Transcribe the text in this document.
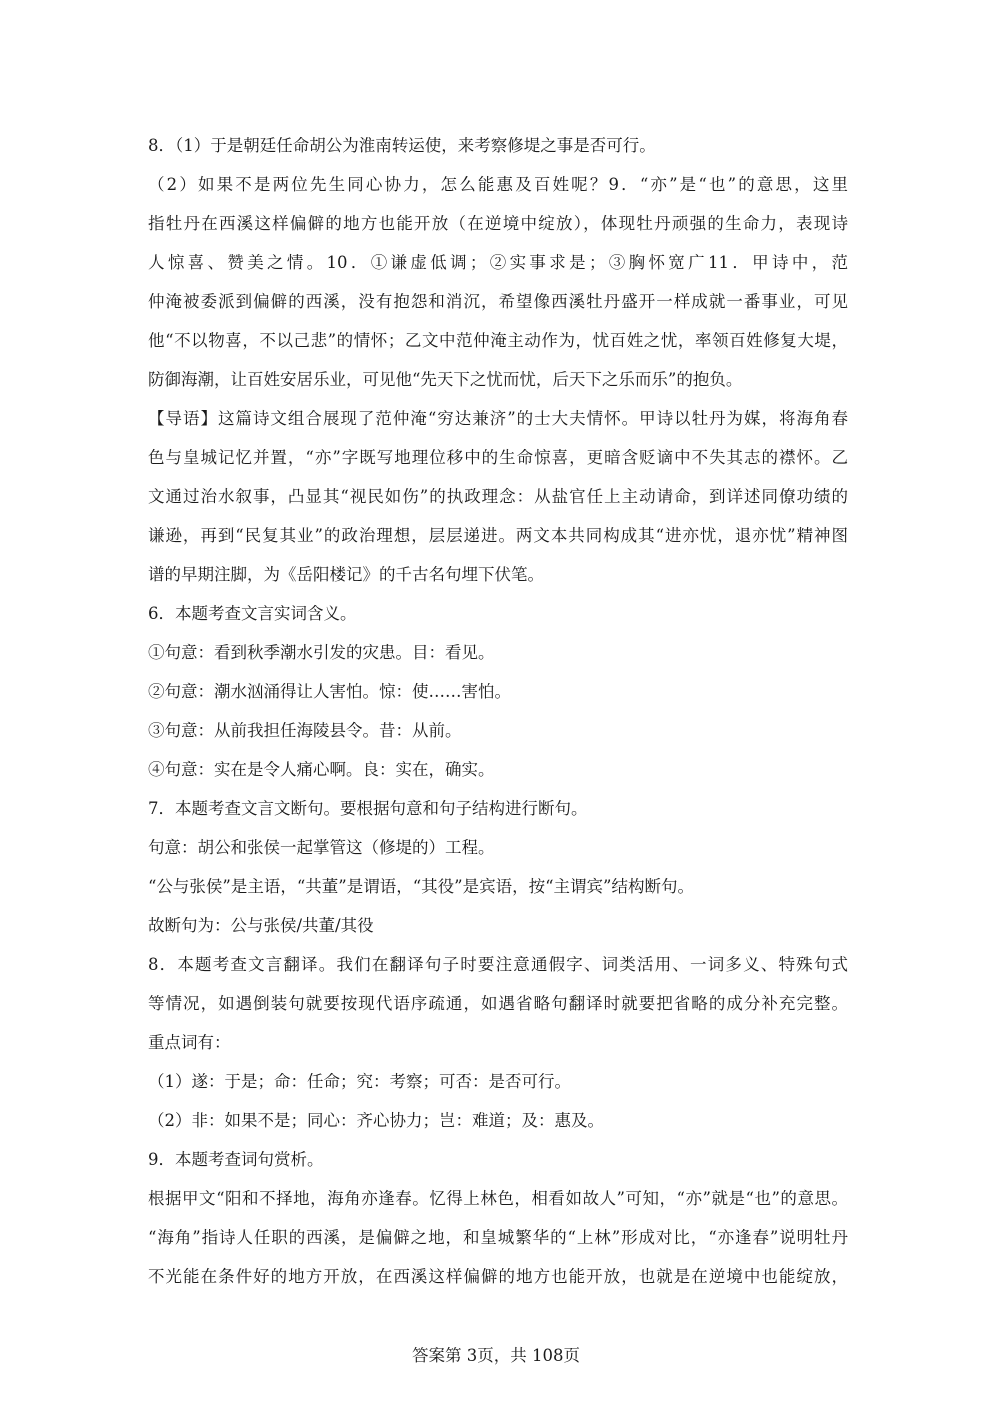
8．（1）于是朝廷任命胡公为淮南转运使，来考察修堤之事是否可行。
（2）如果不是两位先生同心协力，怎么能惠及百姓呢？9．“亦”是“也”的意思，这里
指牡丹在西溪这样偏僻的地方也能开放（在逆境中绽放），体现牡丹顽强的生命力，表现诗
人惊喜、赞美之情。10．①谦虚低调；②实事求是；③胸怀宽广11．甲诗中，范
仲淹被委派到偏僻的西溪，没有抱怨和消沉，希望像西溪牡丹盛开一样成就一番事业，可见
他“不以物喜，不以己悲”的情怀；乙文中范仲淹主动作为，忧百姓之忧，率领百姓修复大堤，
防御海潮，让百姓安居乐业，可见他“先天下之忧而忧，后天下之乐而乐”的抱负。
【导语】这篇诗文组合展现了范仲淹“穷达兼济”的士大夫情怀。甲诗以牡丹为媒，将海角春
色与皇城记忆并置，“亦”字既写地理位移中的生命惊喜，更暗含贬谪中不失其志的襟怀。乙
文通过治水叙事，凸显其“视民如伤”的执政理念：从盐官任上主动请命，到详述同僚功绩的
谦逊，再到“民复其业”的政治理想，层层递进。两文本共同构成其“进亦忧，退亦忧”精神图
谱的早期注脚，为《岳阳楼记》的千古名句埋下伏笔。
6．本题考查文言实词含义。
①句意：看到秋季潮水引发的灾患。目：看见。
②句意：潮水汹涌得让人害怕。惊：使……害怕。
③句意：从前我担任海陵县令。昔：从前。
④句意：实在是令人痛心啊。良：实在，确实。
7．本题考查文言文断句。要根据句意和句子结构进行断句。
句意：胡公和张侯一起掌管这（修堤的）工程。
“公与张侯”是主语，“共董”是谓语，“其役”是宾语，按“主谓宾”结构断句。
故断句为：公与张侯/共董/其役
8．本题考查文言翻译。我们在翻译句子时要注意通假字、词类活用、一词多义、特殊句式
等情况，如遇倒装句就要按现代语序疏通，如遇省略句翻译时就要把省略的成分补充完整。
重点词有：
（1）遂：于是；命：任命；究：考察；可否：是否可行。
（2）非：如果不是；同心：齐心协力；岂：难道；及：惠及。
9．本题考查词句赏析。
根据甲文“阳和不择地，海角亦逢春。忆得上林色，相看如故人”可知，“亦”就是“也”的意思。
“海角”指诗人任职的西溪，是偏僻之地，和皇城繁华的“上林”形成对比，“亦逢春”说明牡丹
不光能在条件好的地方开放，在西溪这样偏僻的地方也能开放，也就是在逆境中也能绽放，
答案第 3页，共 108页
